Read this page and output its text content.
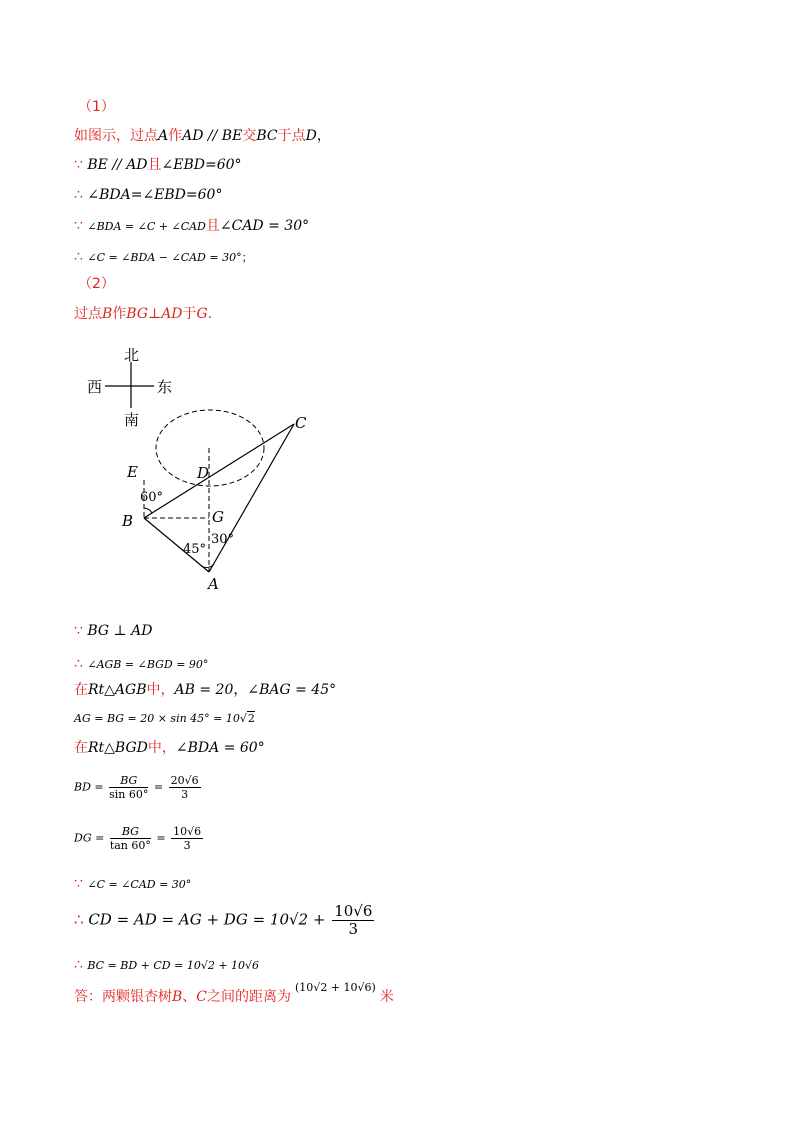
（1）
如图示，过点A作AD // BE交BC于点D，
∵ BE // AD且∠EBD=60°
∴ ∠BDA=∠EBD=60°
∵ ∠BDA = ∠C + ∠CAD且∠CAD = 30°
∴ ∠C = ∠BDA − ∠CAD = 30°；
（2）
过点B作BG⊥AD于G.
北
南
西	东
E	D
B	G
A
C
60°
45°
30°
∵ BG ⊥ AD
∴ ∠AGB = ∠BGD = 90°
在Rt△AGB中，AB = 20，∠BAG = 45°
AG = BG = 20 × sin 45° = 10√2
在Rt△BGD中，∠BDA = 60°
BD = $\frac{BG}{\sin 60^\circ} = \frac{20√6}{3}$
DG = $\frac{BG}{\tan 60^\circ} = \frac{10√6}{3}$
∵ ∠C = ∠CAD = 30°
∴ CD = AD = AG + DG = $10√2 + \frac{10√6}{3}$
∴ BC = BD + CD = 10√2 + 10√6
答：两颗银杏树B、C之间的距离为$^{(10√2 + 10√6)}$米
